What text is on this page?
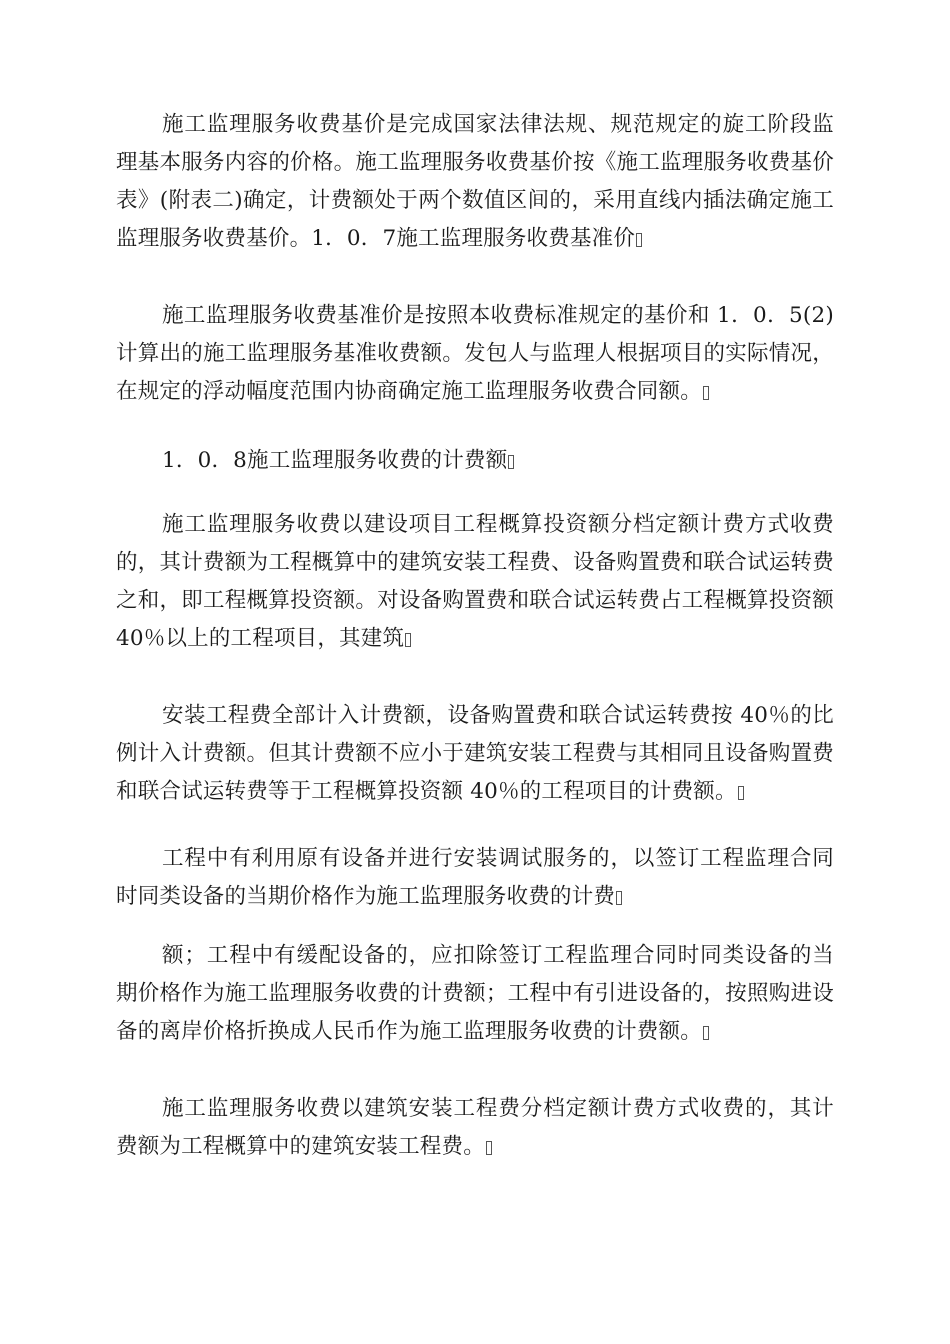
施工监理服务收费基价是完成国家法律法规、规范规定的旋工阶段监理基本服务内容的价格。施工监理服务收费基价按《施工监理服务收费基价表》(附表二)确定，计费额处于两个数值区间的，采用直线内插法确定施工监理服务收费基价。1．0．7施工监理服务收费基准价

施工监理服务收费基准价是按照本收费标准规定的基价和 1．0．5(2)计算出的施工监理服务基准收费额。发包人与监理人根据项目的实际情况，在规定的浮动幅度范围内协商确定施工监理服务收费合同额。

1．0．8施工监理服务收费的计费额

施工监理服务收费以建设项目工程概算投资额分档定额计费方式收费的，其计费额为工程概算中的建筑安装工程费、设备购置费和联合试运转费之和，即工程概算投资额。对设备购置费和联合试运转费占工程概算投资额 40％以上的工程项目，其建筑

安装工程费全部计入计费额，设备购置费和联合试运转费按 40％的比例计入计费额。但其计费额不应小于建筑安装工程费与其相同且设备购置费和联合试运转费等于工程概算投资额 40％的工程项目的计费额。

工程中有利用原有设备并进行安装调试服务的，以签订工程监理合同时同类设备的当期价格作为施工监理服务收费的计费

额；工程中有缓配设备的，应扣除签订工程监理合同时同类设备的当期价格作为施工监理服务收费的计费额；工程中有引进设备的，按照购进设备的离岸价格折换成人民币作为施工监理服务收费的计费额。

施工监理服务收费以建筑安装工程费分档定额计费方式收费的，其计费额为工程概算中的建筑安装工程费。
